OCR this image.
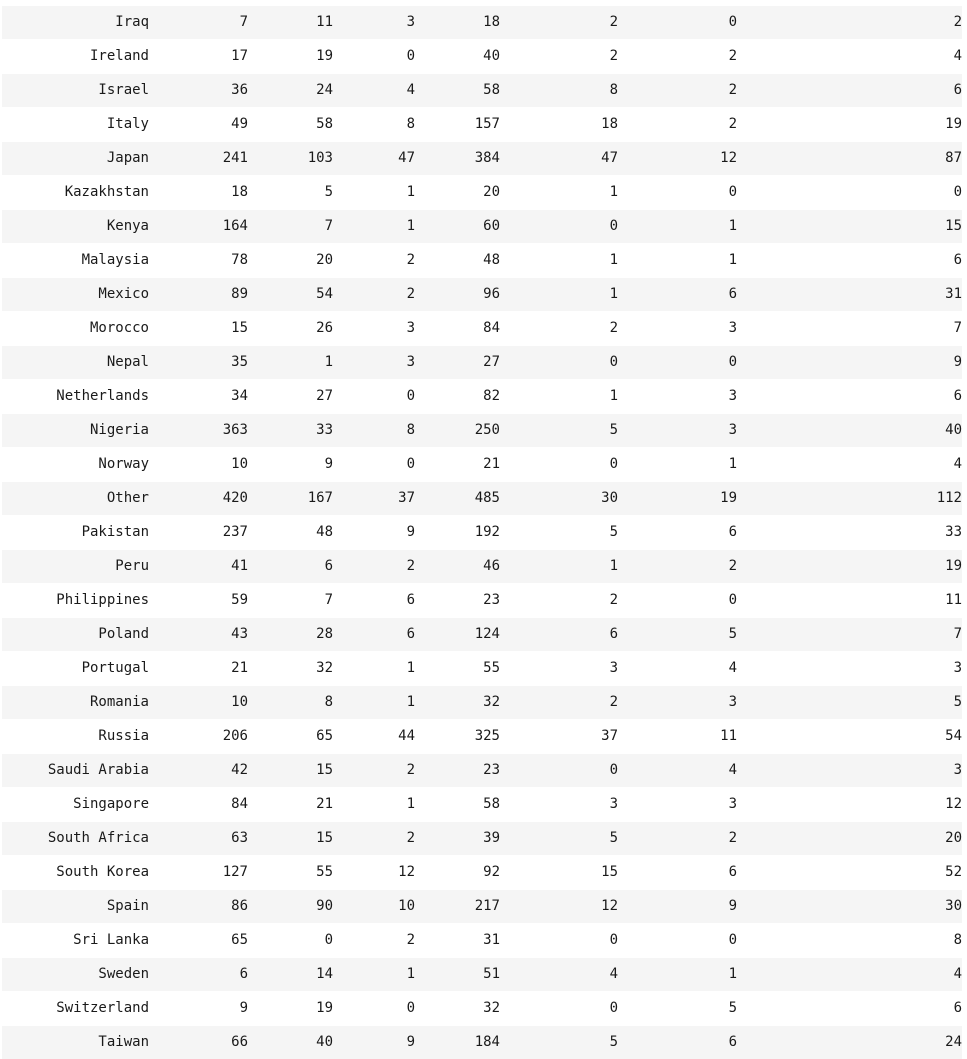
Iraq	7	11	3	18	2	0	2
Ireland	17	19	0	40	2	2	4
Israel	36	24	4	58	8	2	6
Italy	49	58	8	157	18	2	19
Japan	241	103	47	384	47	12	87
Kazakhstan	18	5	1	20	1	0	0
Kenya	164	7	1	60	0	1	15
Malaysia	78	20	2	48	1	1	6
Mexico	89	54	2	96	1	6	31
Morocco	15	26	3	84	2	3	7
Nepal	35	1	3	27	0	0	9
Netherlands	34	27	0	82	1	3	6
Nigeria	363	33	8	250	5	3	40
Norway	10	9	0	21	0	1	4
Other	420	167	37	485	30	19	112
Pakistan	237	48	9	192	5	6	33
Peru	41	6	2	46	1	2	19
Philippines	59	7	6	23	2	0	11
Poland	43	28	6	124	6	5	7
Portugal	21	32	1	55	3	4	3
Romania	10	8	1	32	2	3	5
Russia	206	65	44	325	37	11	54
Saudi Arabia	42	15	2	23	0	4	3
Singapore	84	21	1	58	3	3	12
South Africa	63	15	2	39	5	2	20
South Korea	127	55	12	92	15	6	52
Spain	86	90	10	217	12	9	30
Sri Lanka	65	0	2	31	0	0	8
Sweden	6	14	1	51	4	1	4
Switzerland	9	19	0	32	0	5	6
Taiwan	66	40	9	184	5	6	24
